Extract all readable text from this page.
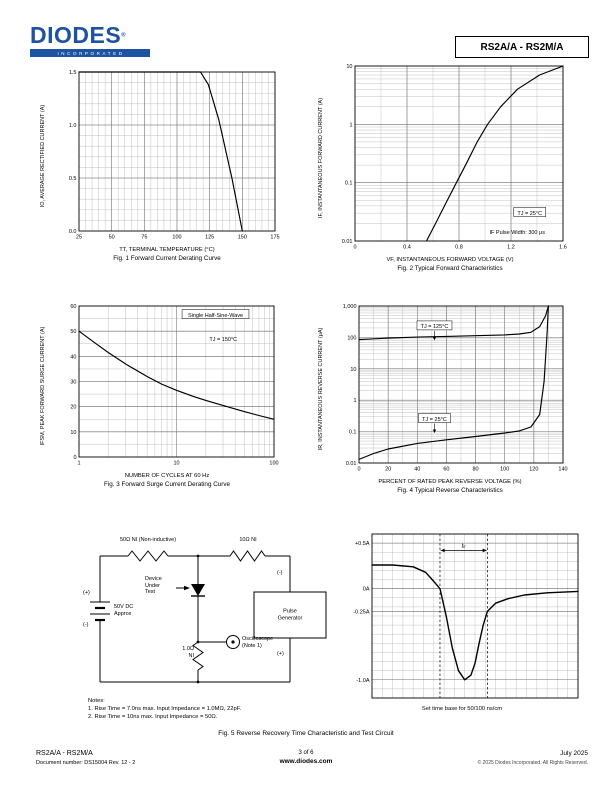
DIODES®
INCORPORATED
RS2A/A - RS2M/A
IO, AVERAGE RECTIFIED CURRENT (A)
25	50	75	100	125	150	175
0.0
0.5
1.0
1.5
TT, TERMINAL TEMPERATURE (°C)
Fig. 1 Forward Current Derating Curve
IF, INSTANTANEOUS FORWARD CURRENT (A)
0	0.4	0.8	1.2	1.6
0.01
0.1
1
10
TJ = 25°C
IF Pulse Width: 300 μs
VF, INSTANTANEOUS FORWARD VOLTAGE (V)
Fig. 2 Typical Forward Characteristics
IFSM, PEAK FORWARD SURGE CURRENT (A)
1	10	100
0
10
20
30
40
50
60
Single Half-Sine-Wave
TJ = 150°C
NUMBER OF CYCLES AT 60 Hz
Fig. 3 Forward Surge Current Derating Curve
IR, INSTANTANEOUS REVERSE CURRENT (μA)
0	20	40	60	80	100	120	140
0.01
0.1
1
10
100
1,000
TJ = 125°C
TJ = 25°C
PERCENT OF RATED PEAK REVERSE VOLTAGE (%)
Fig. 4 Typical Reverse Characteristics
50Ω NI (Non-inductive)	10Ω NI
Device Under Test
(+)
50V DC Approx
(-)
(-)
Pulse Generator
(+)
1.0Ω NI
Oscilloscope (Note 1)
tᵣᵣ
+0.5A
0A
-0.25A
-1.0A
Set time base for 50/100 ns/cm
Notes:
1. Rise Time = 7.0ns max. Input Impedance = 1.0MΩ, 22pF.
2. Rise Time = 10ns max. Input Impedance = 50Ω.
Fig. 5 Reverse Recovery Time Characteristic and Test Circuit
RS2A/A - RS2M/A
Document number: DS15004 Rev. 12 - 2
3 of 6
www.diodes.com
July 2025
© 2025 Diodes Incorporated. All Rights Reserved.
